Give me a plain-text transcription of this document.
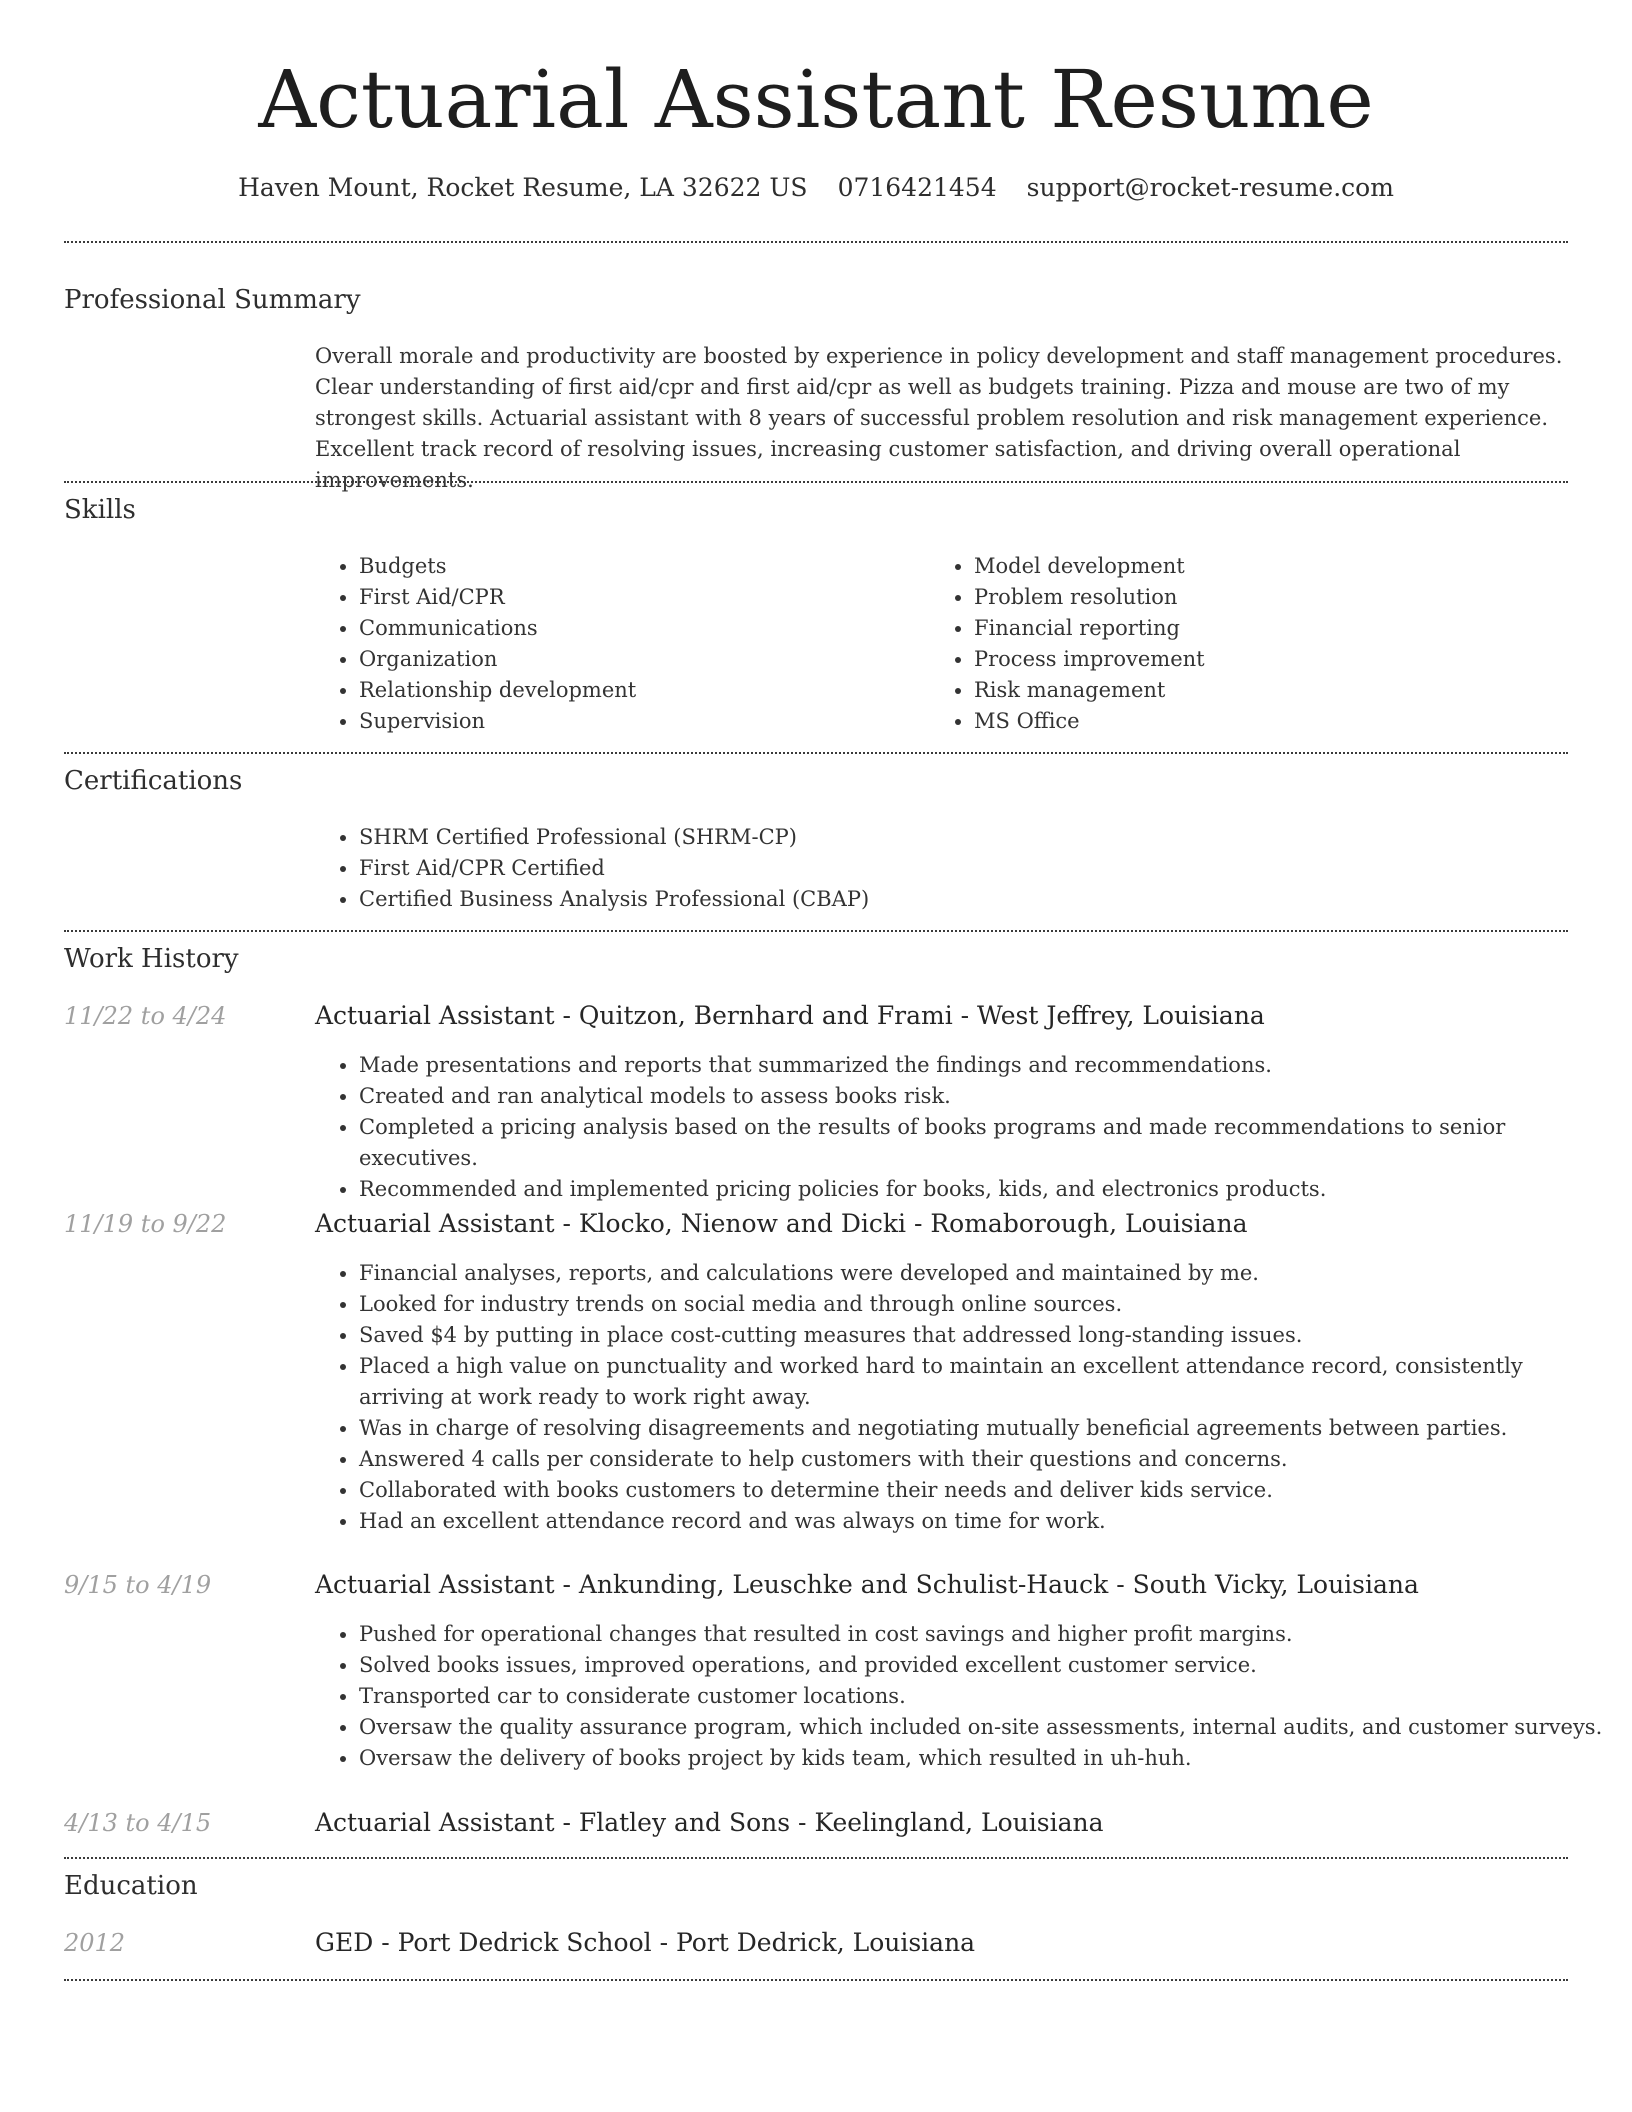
Actuarial Assistant Resume
Haven Mount, Rocket Resume, LA 32622 US 0716421454 support@rocket-resume.com
Professional Summary

Overall morale and productivity are boosted by experience in policy development and staff management procedures. Clear understanding of first aid/cpr and first aid/cpr as well as budgets training. Pizza and mouse are two of my strongest skills. Actuarial assistant with 8 years of successful problem resolution and risk management experience. Excellent track record of resolving issues, increasing customer satisfaction, and driving overall operational improvements.

Skills
• Budgets
• First Aid/CPR
• Communications
• Organization
• Relationship development
• Supervision
• Model development
• Problem resolution
• Financial reporting
• Process improvement
• Risk management
• MS Office
Certifications
• SHRM Certified Professional (SHRM-CP)
• First Aid/CPR Certified
• Certified Business Analysis Professional (CBAP)
Work History
11/22 to 4/24	Actuarial Assistant - Quitzon, Bernhard and Frami - West Jeffrey, Louisiana
• Made presentations and reports that summarized the findings and recommendations.
• Created and ran analytical models to assess books risk.
• Completed a pricing analysis based on the results of books programs and made recommendations to senior executives.
• Recommended and implemented pricing policies for books, kids, and electronics products.
11/19 to 9/22	Actuarial Assistant - Klocko, Nienow and Dicki - Romaborough, Louisiana
• Financial analyses, reports, and calculations were developed and maintained by me.
• Looked for industry trends on social media and through online sources.
• Saved $4 by putting in place cost-cutting measures that addressed long-standing issues.
• Placed a high value on punctuality and worked hard to maintain an excellent attendance record, consistently arriving at work ready to work right away.
• Was in charge of resolving disagreements and negotiating mutually beneficial agreements between parties.
• Answered 4 calls per considerate to help customers with their questions and concerns.
• Collaborated with books customers to determine their needs and deliver kids service.
• Had an excellent attendance record and was always on time for work.
9/15 to 4/19	Actuarial Assistant - Ankunding, Leuschke and Schulist-Hauck - South Vicky, Louisiana
• Pushed for operational changes that resulted in cost savings and higher profit margins.
• Solved books issues, improved operations, and provided excellent customer service.
• Transported car to considerate customer locations.
• Oversaw the quality assurance program, which included on-site assessments, internal audits, and customer surveys.
• Oversaw the delivery of books project by kids team, which resulted in uh-huh.
4/13 to 4/15	Actuarial Assistant - Flatley and Sons - Keelingland, Louisiana
Education
2012	GED - Port Dedrick School - Port Dedrick, Louisiana
